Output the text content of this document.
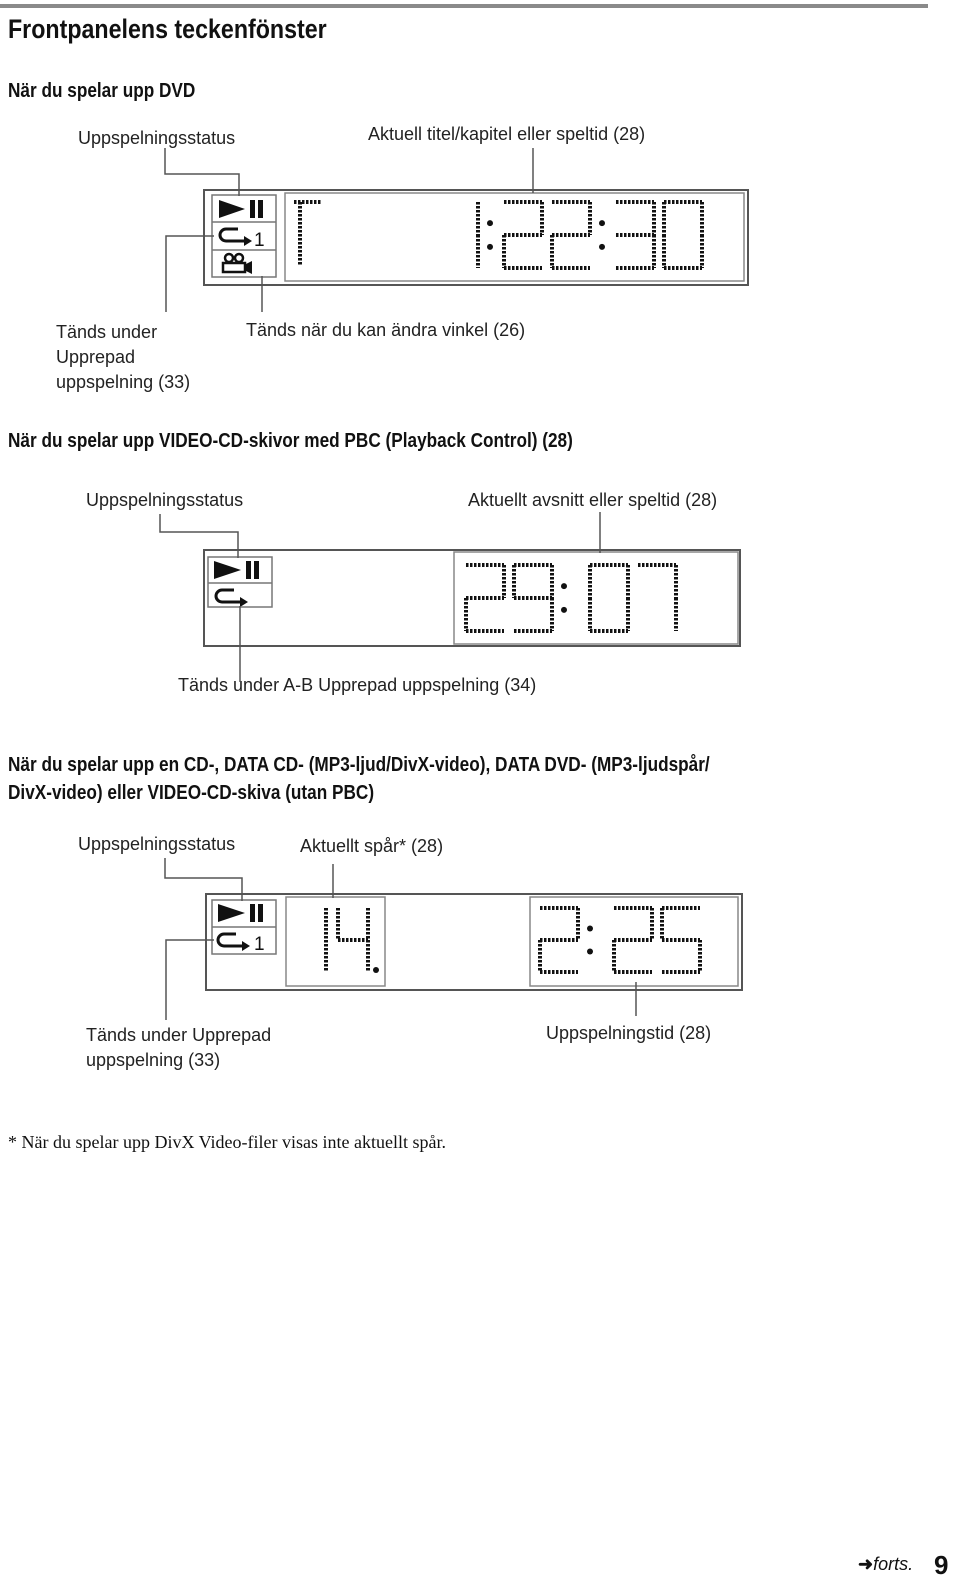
Frontpanelens teckenfönster
När du spelar upp DVD
Uppspelningsstatus	Aktuell titel/kapitel eller speltid (28)
Tänds under
Upprepad
uppspelning (33)
Tänds när du kan ändra vinkel (26)
När du spelar upp VIDEO-CD-skivor med PBC (Playback Control) (28)
Uppspelningsstatus	Aktuellt avsnitt eller speltid (28)
Tänds under A-B Upprepad uppspelning (34)
När du spelar upp en CD-, DATA CD- (MP3-ljud/DivX-video), DATA DVD- (MP3-ljudspår/
DivX-video) eller VIDEO-CD-skiva (utan PBC)
Uppspelningsstatus	Aktuellt spår* (28)
Tänds under Upprepad
uppspelning (33)
Uppspelningstid (28)
* När du spelar upp DivX Video-filer visas inte aktuellt spår.
➜forts. 9
1
1
